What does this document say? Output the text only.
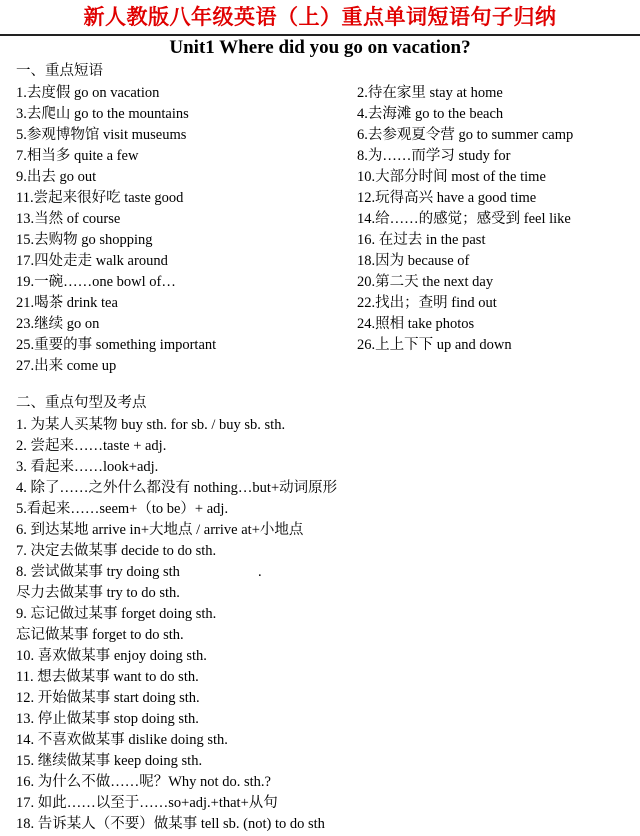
新人教版八年级英语（上）重点单词短语句子归纳
Unit1 Where did you go on vacation?
一、重点短语
1.去度假 go on vacation
3.去爬山 go to the mountains
5.参观博物馆 visit museums
7.相当多 quite a few
9.出去 go out
11.尝起来很好吃 taste good
13.当然 of course
15.去购物 go shopping
17.四处走走 walk around
19.一碗……one bowl of…
21.喝茶 drink tea
23.继续 go on
25.重要的事 something important
27.出来 come up
2.待在家里 stay at home
4.去海滩 go to the beach
6.去参观夏令营 go to summer camp
8.为……而学习 study for
10.大部分时间 most of the time
12.玩得高兴 have a good time
14.给……的感觉；感受到 feel like
16. 在过去 in the past
18.因为 because of
20.第二天 the next day
22.找出；查明 find out
24.照相 take photos
26.上上下下 up and down
二、重点句型及考点
1. 为某人买某物 buy sth. for sb. / buy sb. sth.
2. 尝起来……taste + adj.
3. 看起来……look+adj.
4. 除了……之外什么都没有 nothing…but+动词原形
5.看起来……seem+（to be）+ adj.
6. 到达某地 arrive in+大地点 / arrive at+小地点
7. 决定去做某事 decide to do sth.
8. 尝试做某事 try doing sth	.
尽力去做某事 try to do sth.
9. 忘记做过某事 forget doing sth.
忘记做某事 forget to do sth.
10. 喜欢做某事 enjoy doing sth.
11. 想去做某事 want to do sth.
12. 开始做某事 start doing sth.
13. 停止做某事 stop doing sth.
14. 不喜欢做某事 dislike doing sth.
15. 继续做某事 keep doing sth.
16. 为什么不做……呢？Why not do. sth.?
17. 如此……以至于……so+adj.+that+从句
18. 告诉某人（不要）做某事 tell sb. (not) to do sth
